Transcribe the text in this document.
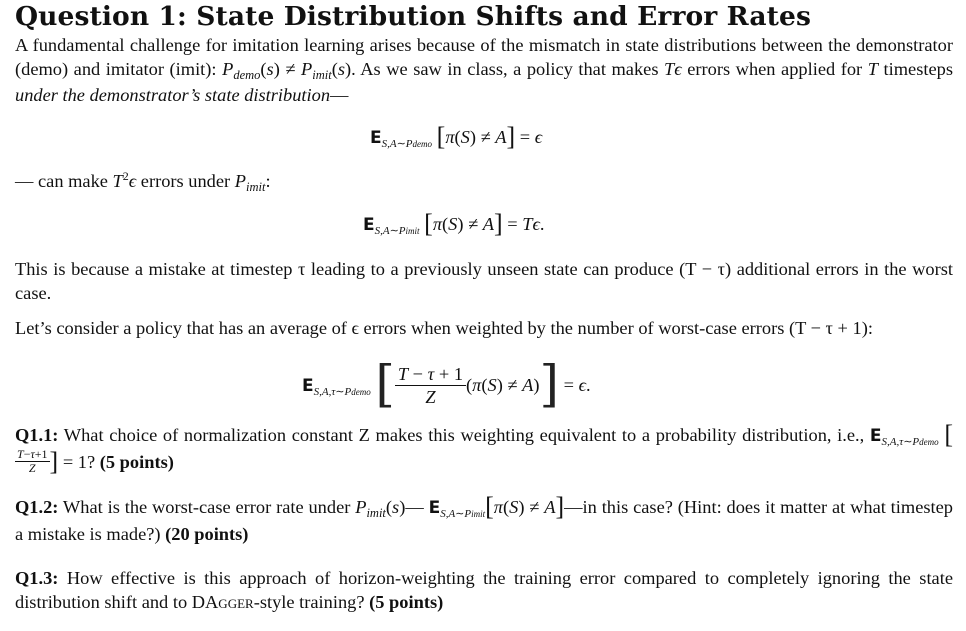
Question 1: State Distribution Shifts and Error Rates

A fundamental challenge for imitation learning arises because of the mismatch in state distributions between the demonstrator (demo) and imitator (imit): $P_{demo}(s) \ne P_{imit}(s)$. As we saw in class, a policy that makes Tϵ errors when applied for T timesteps under the demonstrator’s state distribution—

$E_{S,A\sim Pdemo}$ [π(S) ≠ A] = ϵ

— can make $T^2\epsilon$ errors under $P_{imit}$:

$E_{S,A\sim Pimit}$ [π(S) ≠ A] = Tϵ.

This is because a mistake at timestep τ leading to a previously unseen state can produce (T − τ) additional errors in the worst case.

Let’s consider a policy that has an average of ϵ errors when weighted by the number of worst-case errors (T − τ + 1):

$E_{S,A,\tau\sim Pdemo}$ [ $\frac{T - \tau + 1}{Z} (\pi(S) \ne A)] = \epsilon$.

Q1.1: What choice of normalization constant Z makes this weighting equivalent to a probability distribution, i.e., $E_{S,A,\tau\sim Pdemo}$ [
$\frac{T-\tau+1}{Z}$ ] = 1? (5 points)

Q1.2: What is the worst-case error rate under $P_{imit}(s)—$ $E_{S,A\sim Pimit}[\pi(S)$ ≠ A]—in this case? (Hint: does it matter at what timestep a mistake is made?) (20 points)

Q1.3: How effective is this approach of horizon-weighting the training error compared to completely ignoring the state distribution shift and to DAgger-style training? (5 points)
